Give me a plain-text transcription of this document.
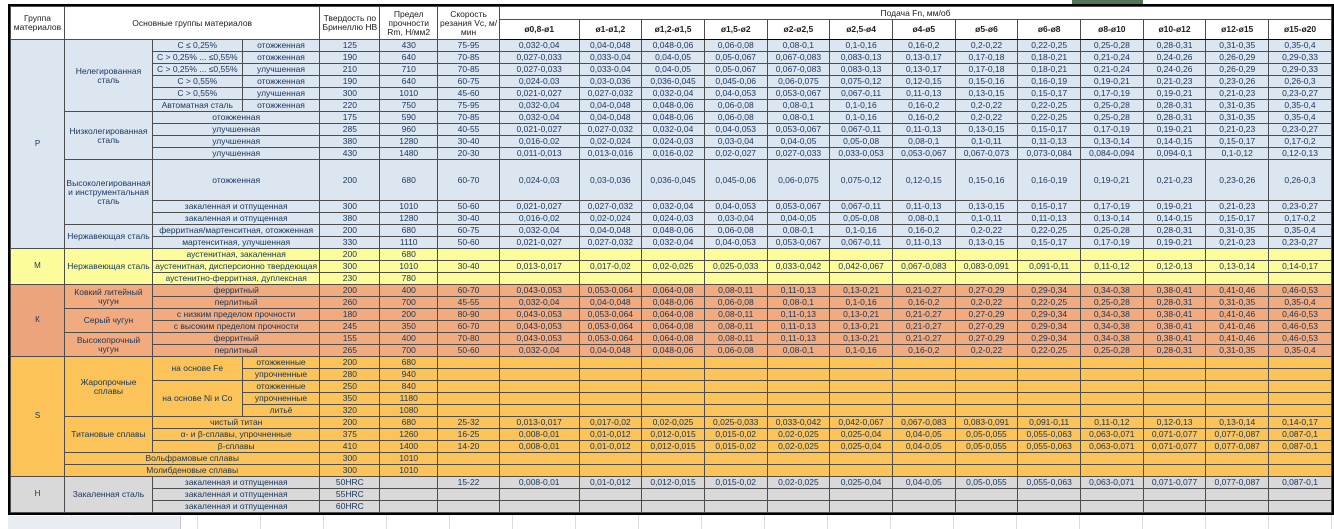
Группа материалов	Основные группы материалов			Твердость по Бринеллю HB	Предел прочности Rm, Н/мм2	Скорость резания Vc, м/мин	Подача Fn, мм/об												
							ø0,8-ø1	ø1-ø1,2	ø1,2-ø1,5	ø1,5-ø2	ø2-ø2,5	ø2,5-ø4	ø4-ø5	ø5-ø6	ø6-ø8	ø8-ø10	ø10-ø12	ø12-ø15	ø15-ø20
Р	Нелегированная сталь	С ≤ 0,25%	отожженная	125	430	75-95	0,032-0,04	0,04-0,048	0,048-0,06	0,06-0,08	0,08-0,1	0,1-0,16	0,16-0,2	0,2-0,22	0,22-0,25	0,25-0,28	0,28-0,31	0,31-0,35	0,35-0,4
		С > 0,25% ... ≤0,55%	отожженная	190	640	70-85	0,027-0,033	0,033-0,04	0,04-0,05	0,05-0,067	0,067-0,083	0,083-0,13	0,13-0,17	0,17-0,18	0,18-0,21	0,21-0,24	0,24-0,26	0,26-0,29	0,29-0,33
		С > 0,25% ... ≤0,55%	улучшенная	210	710	70-85	0,027-0,033	0,033-0,04	0,04-0,05	0,05-0,067	0,067-0,083	0,083-0,13	0,13-0,17	0,17-0,18	0,18-0,21	0,21-0,24	0,24-0,26	0,26-0,29	0,29-0,33
		С > 0,55%	отожженная	190	640	60-75	0,024-0,03	0,03-0,036	0,036-0,045	0,045-0,06	0,06-0,075	0,075-0,12	0,12-0,15	0,15-0,16	0,16-0,19	0,19-0,21	0,21-0,23	0,23-0,26	0,26-0,3
		С > 0,55%	улучшенная	300	1010	45-60	0,021-0,027	0,027-0,032	0,032-0,04	0,04-0,053	0,053-0,067	0,067-0,11	0,11-0,13	0,13-0,15	0,15-0,17	0,17-0,19	0,19-0,21	0,21-0,23	0,23-0,27
		Автоматная сталь	отожженная	220	750	75-95	0,032-0,04	0,04-0,048	0,048-0,06	0,06-0,08	0,08-0,1	0,1-0,16	0,16-0,2	0,2-0,22	0,22-0,25	0,25-0,28	0,28-0,31	0,31-0,35	0,35-0,4
	Низколегированная сталь	отожженная		175	590	70-85	0,032-0,04	0,04-0,048	0,048-0,06	0,06-0,08	0,08-0,1	0,1-0,16	0,16-0,2	0,2-0,22	0,22-0,25	0,25-0,28	0,28-0,31	0,31-0,35	0,35-0,4
		улучшенная		285	960	40-55	0,021-0,027	0,027-0,032	0,032-0,04	0,04-0,053	0,053-0,067	0,067-0,11	0,11-0,13	0,13-0,15	0,15-0,17	0,17-0,19	0,19-0,21	0,21-0,23	0,23-0,27
		улучшенная		380	1280	30-40	0,016-0,02	0,02-0,024	0,024-0,03	0,03-0,04	0,04-0,05	0,05-0,08	0,08-0,1	0,1-0,11	0,11-0,13	0,13-0,14	0,14-0,15	0,15-0,17	0,17-0,2
		улучшенная		430	1480	20-30	0,011-0,013	0,013-0,016	0,016-0,02	0,02-0,027	0,027-0,033	0,033-0,053	0,053-0,067	0,067-0,073	0,073-0,084	0,084-0,094	0,094-0,1	0,1-0,12	0,12-0,13
	Высоколегированная и инструментальная сталь	отожженная		200	680	60-70	0,024-0,03	0,03-0,036	0,036-0,045	0,045-0,06	0,06-0,075	0,075-0,12	0,12-0,15	0,15-0,16	0,16-0,19	0,19-0,21	0,21-0,23	0,23-0,26	0,26-0,3
		закаленная и отпущенная		300	1010	50-60	0,021-0,027	0,027-0,032	0,032-0,04	0,04-0,053	0,053-0,067	0,067-0,11	0,11-0,13	0,13-0,15	0,15-0,17	0,17-0,19	0,19-0,21	0,21-0,23	0,23-0,27
		закаленная и отпущенная		380	1280	30-40	0,016-0,02	0,02-0,024	0,024-0,03	0,03-0,04	0,04-0,05	0,05-0,08	0,08-0,1	0,1-0,11	0,11-0,13	0,13-0,14	0,14-0,15	0,15-0,17	0,17-0,2
	Нержавеющая сталь	ферритная/мартенситная, отожженная		200	680	60-75	0,032-0,04	0,04-0,048	0,048-0,06	0,06-0,08	0,08-0,1	0,1-0,16	0,16-0,2	0,2-0,22	0,22-0,25	0,25-0,28	0,28-0,31	0,31-0,35	0,35-0,4
		мартенситная, улучшенная		330	1110	50-60	0,021-0,027	0,027-0,032	0,032-0,04	0,04-0,053	0,053-0,067	0,067-0,11	0,11-0,13	0,13-0,15	0,15-0,17	0,17-0,19	0,19-0,21	0,21-0,23	0,23-0,27
М	Нержавеющая сталь	аустенитная, закаленная		200	680														
		аустенитная, дисперсионно твердеющая		300	1010	30-40	0,013-0,017	0,017-0,02	0,02-0,025	0,025-0,033	0,033-0,042	0,042-0,067	0,067-0,083	0,083-0,091	0,091-0,11	0,11-0,12	0,12-0,13	0,13-0,14	0,14-0,17
		аустенитно-ферритная, дуплексная		230	780														
К	Ковкий литейный чугун	ферритный		200	400	60-70	0,043-0,053	0,053-0,064	0,064-0,08	0,08-0,11	0,11-0,13	0,13-0,21	0,21-0,27	0,27-0,29	0,29-0,34	0,34-0,38	0,38-0,41	0,41-0,46	0,46-0,53
		перлитный		260	700	45-55	0,032-0,04	0,04-0,048	0,048-0,06	0,06-0,08	0,08-0,1	0,1-0,16	0,16-0,2	0,2-0,22	0,22-0,25	0,25-0,28	0,28-0,31	0,31-0,35	0,35-0,4
	Серый чугун	с низким пределом прочности		180	200	80-90	0,043-0,053	0,053-0,064	0,064-0,08	0,08-0,11	0,11-0,13	0,13-0,21	0,21-0,27	0,27-0,29	0,29-0,34	0,34-0,38	0,38-0,41	0,41-0,46	0,46-0,53
		с высоким пределом прочности		245	350	60-70	0,043-0,053	0,053-0,064	0,064-0,08	0,08-0,11	0,11-0,13	0,13-0,21	0,21-0,27	0,27-0,29	0,29-0,34	0,34-0,38	0,38-0,41	0,41-0,46	0,46-0,53
	Высокопрочный чугун	ферритный		155	400	70-80	0,043-0,053	0,053-0,064	0,064-0,08	0,08-0,11	0,11-0,13	0,13-0,21	0,21-0,27	0,27-0,29	0,29-0,34	0,34-0,38	0,38-0,41	0,41-0,46	0,46-0,53
		перлитный		265	700	50-60	0,032-0,04	0,04-0,048	0,048-0,06	0,06-0,08	0,08-0,1	0,1-0,16	0,16-0,2	0,2-0,22	0,22-0,25	0,25-0,28	0,28-0,31	0,31-0,35	0,35-0,4
S	Жаропрочные сплавы	на основе Fe	отожженные	200	680														
			упрочненные	280	940														
		на основе Ni и Co	отожженные	250	840														
			упрочненные	350	1180														
			литьё	320	1080														
	Титановые сплавы	чистый титан		200	680	25-32	0,013-0,017	0,017-0,02	0,02-0,025	0,025-0,033	0,033-0,042	0,042-0,067	0,067-0,083	0,083-0,091	0,091-0,11	0,11-0,12	0,12-0,13	0,13-0,14	0,14-0,17
		α- и β-сплавы, упрочненные		375	1260	16-25	0,008-0,01	0,01-0,012	0,012-0,015	0,015-0,02	0,02-0,025	0,025-0,04	0,04-0,05	0,05-0,055	0,055-0,063	0,063-0,071	0,071-0,077	0,077-0,087	0,087-0,1
		β-сплавы		410	1400	14-20	0,008-0,01	0,01-0,012	0,012-0,015	0,015-0,02	0,02-0,025	0,025-0,04	0,04-0,05	0,05-0,055	0,055-0,063	0,063-0,071	0,071-0,077	0,077-0,087	0,087-0,1
	Вольфрамовые сплавы			300	1010														
	Молибденовые сплавы			300	1010														
Н	Закаленная сталь	закаленная и отпущенная		50HRC		15-22	0,008-0,01	0,01-0,012	0,012-0,015	0,015-0,02	0,02-0,025	0,025-0,04	0,04-0,05	0,05-0,055	0,055-0,063	0,063-0,071	0,071-0,077	0,077-0,087	0,087-0,1
		закаленная и отпущенная		55HRC															
		закаленная и отпущенная		60HRC															
